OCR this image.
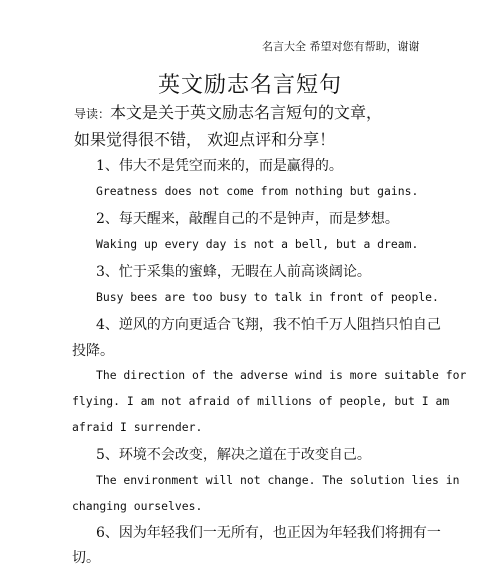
名言大全 希望对您有帮助，谢谢
英文励志名言短句
导读：本文是关于英文励志名言短句的文章，
如果觉得很不错， 欢迎点评和分享！
1、伟大不是凭空而来的，而是赢得的。
Greatness does not come from nothing but gains.
2、每天醒来，敲醒自己的不是钟声，而是梦想。
Waking up every day is not a bell, but a dream.
3、忙于采集的蜜蜂，无暇在人前高谈阔论。
Busy bees are too busy to talk in front of people.
4、逆风的方向更适合飞翔，我不怕千万人阻挡只怕自己
投降。
The direction of the adverse wind is more suitable for
flying. I am not afraid of millions of people, but I am
afraid I surrender.
5、环境不会改变，解决之道在于改变自己。
The environment will not change. The solution lies in
changing ourselves.
6、因为年轻我们一无所有，也正因为年轻我们将拥有一
切。
